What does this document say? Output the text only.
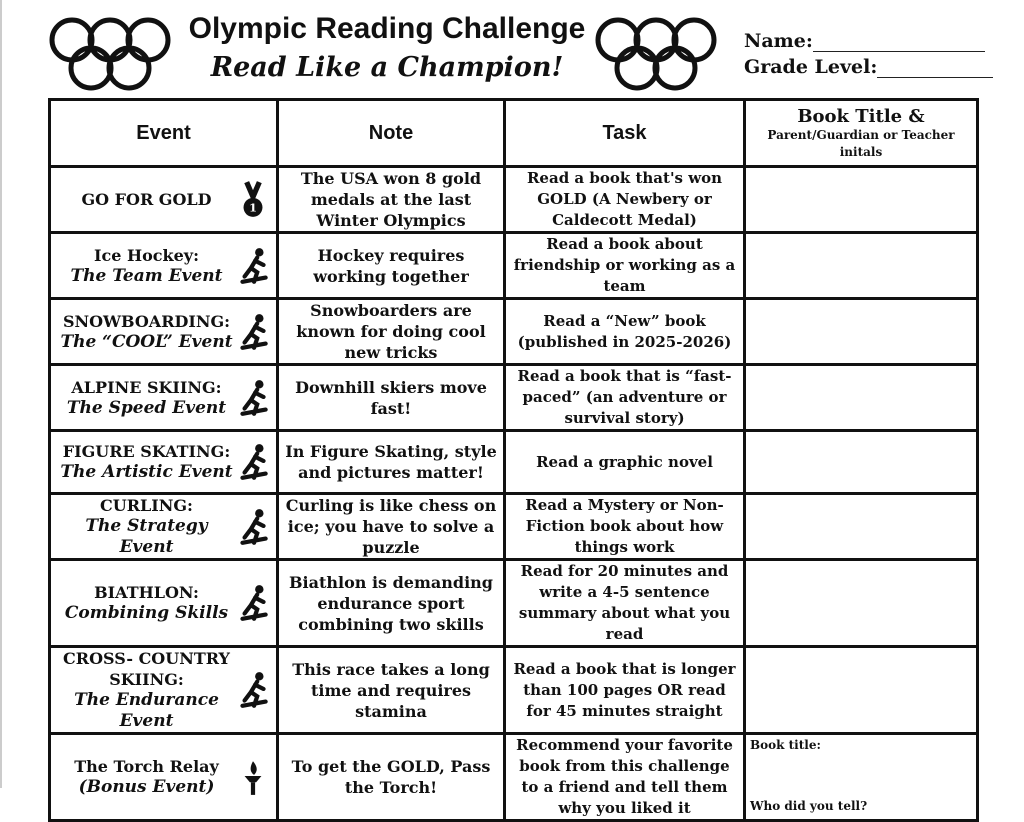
Olympic Reading Challenge
Read Like a Champion!
Name:
Grade Level:
Event	Note	Task	Book Title &
Parent/Guardian or Teacher initals

GO FOR GOLD 1	The USA won 8 gold medals at the last Winter Olympics	Read a book that's won GOLD (A Newbery or Caldecott Medal)	

Ice Hockey:
The Team Event	Hockey requires working together	Read a book about friendship or working as a team	

SNOWBOARDING:
The “COOL” Event	Snowboarders are known for doing cool new tricks	Read a “New” book (published in 2025-2026)	

ALPINE SKIING:
The Speed Event	Downhill skiers move fast!	Read a book that is “fast-paced” (an adventure or survival story)	

FIGURE SKATING:
The Artistic Event	In Figure Skating, style and pictures matter!	Read a graphic novel	

CURLING:
The Strategy Event	Curling is like chess on ice; you have to solve a puzzle	Read a Mystery or Non-Fiction book about how things work	

BIATHLON:
Combining Skills	Biathlon is demanding endurance sport combining two skills	Read for 20 minutes and write a 4-5 sentence summary about what you read	

CROSS- COUNTRY SKIING:
The Endurance Event	This race takes a long time and requires stamina	Read a book that is longer than 100 pages OR read for 45 minutes straight	

The Torch Relay
(Bonus Event)	To get the GOLD, Pass the Torch!	Recommend your favorite book from this challenge to a friend and tell them why you liked it	Book title:
Who did you tell?
